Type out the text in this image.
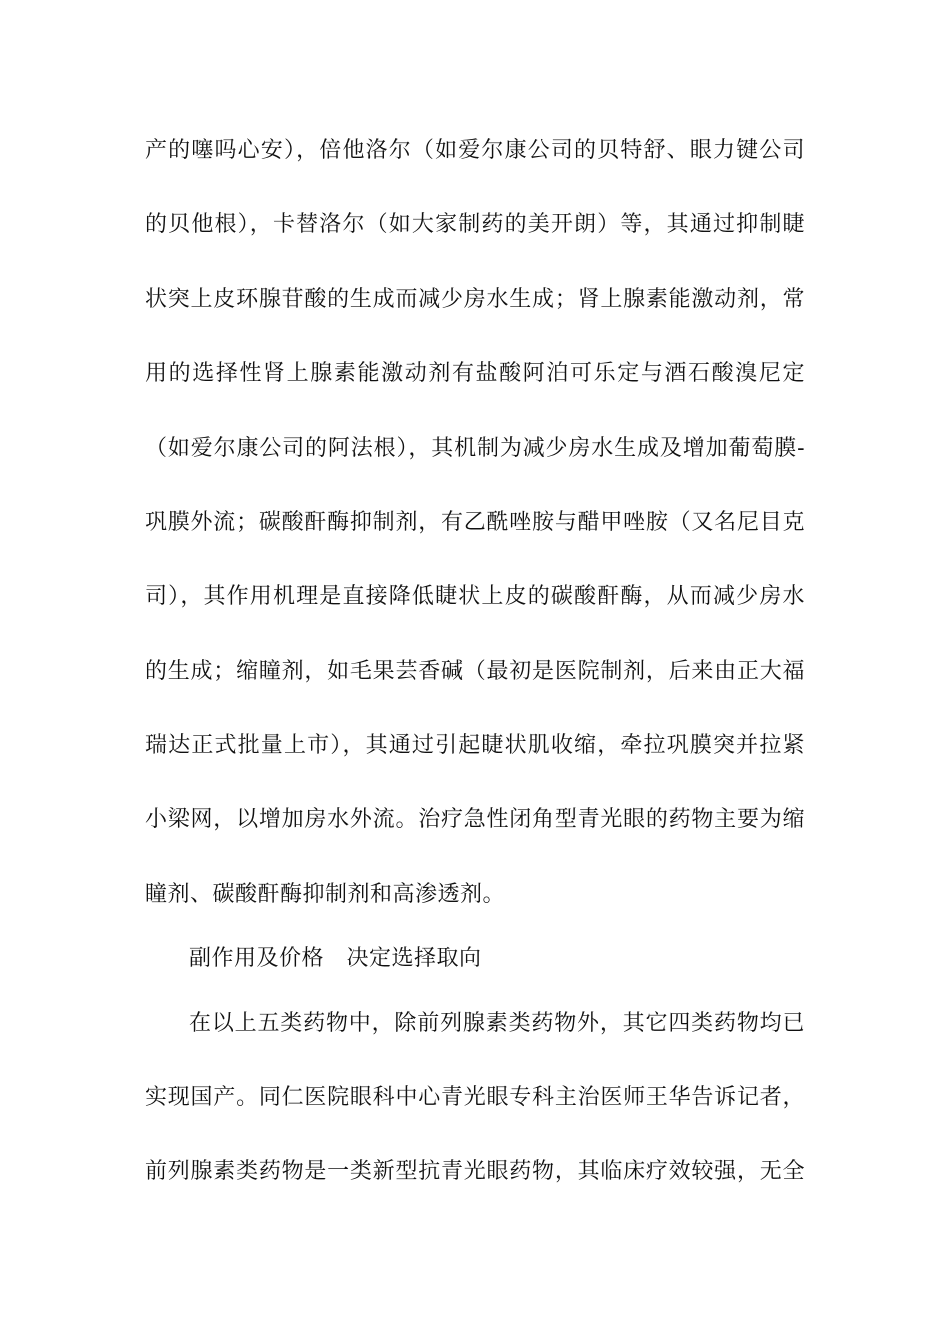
产的噻吗心安），倍他洛尔（如爱尔康公司的贝特舒、眼力键公司
的贝他根），卡替洛尔（如大家制药的美开朗）等，其通过抑制睫
状突上皮环腺苷酸的生成而减少房水生成；肾上腺素能激动剂，常
用的选择性肾上腺素能激动剂有盐酸阿泊可乐定与酒石酸溴尼定
（如爱尔康公司的阿法根），其机制为减少房水生成及增加葡萄膜-
巩膜外流；碳酸酐酶抑制剂，有乙酰唑胺与醋甲唑胺（又名尼目克
司），其作用机理是直接降低睫状上皮的碳酸酐酶，从而减少房水
的生成；缩瞳剂，如毛果芸香碱（最初是医院制剂，后来由正大福
瑞达正式批量上市），其通过引起睫状肌收缩，牵拉巩膜突并拉紧
小梁网，以增加房水外流。治疗急性闭角型青光眼的药物主要为缩
瞳剂、碳酸酐酶抑制剂和高渗透剂。
副作用及价格　决定选择取向
在以上五类药物中，除前列腺素类药物外，其它四类药物均已
实现国产。同仁医院眼科中心青光眼专科主治医师王华告诉记者，
前列腺素类药物是一类新型抗青光眼药物，其临床疗效较强，无全
